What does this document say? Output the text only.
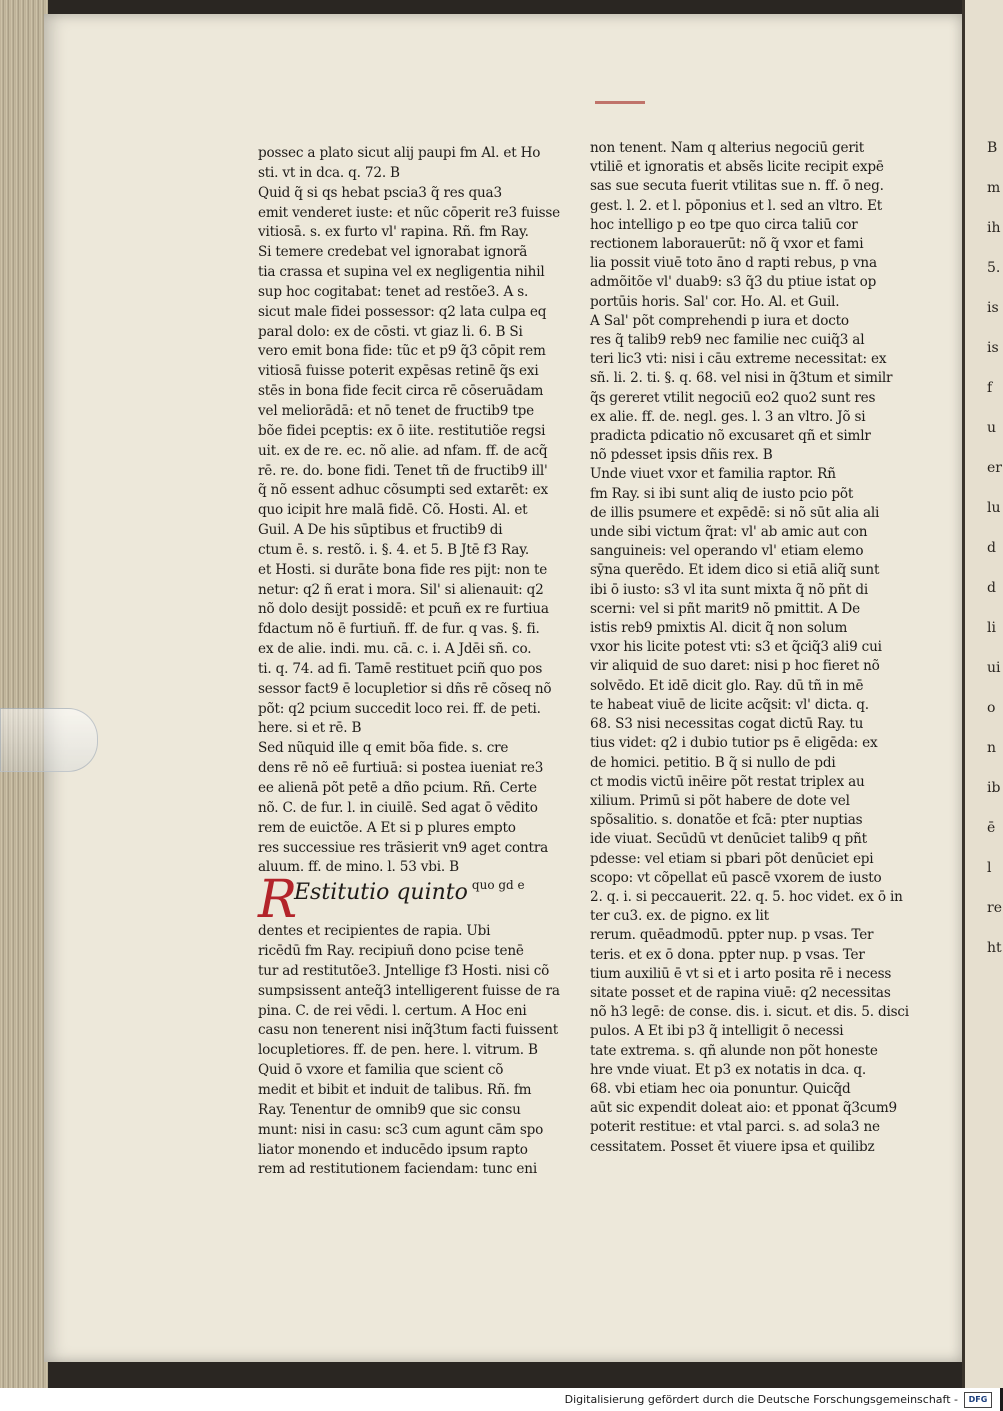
possec a plato sicut alij paupi fm Al. et Ho
sti. vt in dca. q. 72. B
Quid q̃ si qs hebat pscia3 q̃ res qua3
emit venderet iuste: et nũc cōperit re3 fuisse
vitiosā. s. ex furto vl' rapina. Rñ. fm Ray.
Si temere credebat vel ignorabat ignorã
tia crassa et supina vel ex negligentia nihil
sup hoc cogitabat: tenet ad restõe3. A s.
sicut male fidei possessor: q2 lata culpa eq
paral dolo: ex de cōsti. vt giaz li. 6. B Si
vero emit bona fide: tũc et p9 q̃3 cōpit rem
vitiosā fuisse poterit expēsas retinē q̃s exi
stēs in bona fide fecit circa rē cōseruādam
vel meliorādā: et nō tenet de fructib9 tpe
bõe fidei pceptis: ex ō iite. restitutiõe regsi
uit. ex de re. ec. nõ alie. ad nfam. ff. de acq̃
rē. re. do. bone fidi. Tenet tñ de fructib9 ill'
q̃ nõ essent adhuc cõsumpti sed extarēt: ex
quo icipit hre malā fidē. Cõ. Hosti. Al. et
Guil. A De his sūptibus et fructib9 di
ctum ē. s. restõ. i. §. 4. et 5. B Jtē f3 Ray.
et Hosti. si durāte bona fide res pijt: non te
netur: q2 ñ erat i mora. Sil' si alienauit: q2
nõ dolo desijt possidē: et pcuñ ex re furtiua
fdactum nõ ē furtiuñ. ff. de fur. q vas. §. fi.
ex de alie. indi. mu. cā. c. i. A Jdēi sñ. co.
ti. q. 74. ad fi. Tamē restituet pciñ quo pos
sessor fact9 ē locupletior si dñs rē cõseq nõ
põt: q2 pcium succedit loco rei. ff. de peti.
here. si et rē. B
Sed nũquid ille q emit bõa fide. s. cre
dens rē nõ eē furtiuā: si postea iueniat re3
ee alienā põt petē a dño pcium. Rñ. Certe
nõ. C. de fur. l. in ciuilē. Sed agat ō vēdito
rem de euictõe. A Et si p plures empto
res successiue res trãsierit vn9 aget contra
aluum. ff. de mino. l. 53 vbi. B
R
Estitutio quinto quo gd e
dentes et recipientes de rapia. Ubi
ricēdū fm Ray. recipiuñ dono pcise tenē
tur ad restitutõe3. Jntellige f3 Hosti. nisi cõ
sumpsissent anteq̃3 intelligerent fuisse de ra
pina. C. de rei vēdi. l. certum. A Hoc eni
casu non tenerent nisi inq̃3tum facti fuissent
locupletiores. ff. de pen. here. l. vitrum. B
Quid ō vxore et familia que scient cõ
medit et bibit et induit de talibus. Rñ. fm
Ray. Tenentur de omnib9 que sic consu
munt: nisi in casu: sc3 cum agunt cām spo
liator monendo et inducēdo ipsum rapto
rem ad restitutionem faciendam: tunc eni
non tenent. Nam q alterius negociū gerit
vtiliē et ignoratis et absẽs licite recipit expē
sas sue secuta fuerit vtilitas sue n. ff. ō neg.
gest. l. 2. et l. pōponius et l. sed an vltro. Et
hoc intelligo p eo tpe quo circa taliū cor
rectionem laborauerūt: nõ q̃ vxor et fami
lia possit viuē toto āno d rapti rebus, p vna
admõitõe vl' duab9: s3 q̃3 du ptiue istat op
portūis horis. Sal' cor. Ho. Al. et Guil.
A Sal' põt comprehendi p iura et docto
res q̃ talib9 reb9 nec familie nec cuiq̃3 al
teri lic3 vti: nisi i cāu extreme necessitat: ex
sñ. li. 2. ti. §. q. 68. vel nisi in q̃3tum et similr
q̃s gereret vtilit negociū eo2 quo2 sunt res
ex alie. ff. de. negl. ges. l. 3 an vltro. Jõ si
pradicta pdicatio nõ excusaret qñ et simlr
nõ pdesset ipsis dñis rex. B
Unde viuet vxor et familia raptor. Rñ
fm Ray. si ibi sunt aliq de iusto pcio põt
de illis psumere et expēdē: si nõ sūt alia ali
unde sibi victum q̃rat: vl' ab amic aut con
sanguineis: vel operando vl' etiam elemo
sȳna querēdo. Et idem dico si etiā aliq̃ sunt
ibi ō iusto: s3 vl ita sunt mixta q̃ nõ pñt di
scerni: vel si pñt marit9 nõ pmittit. A De
istis reb9 pmixtis Al. dicit q̃ non solum
vxor his licite potest vti: s3 et q̃ciq̃3 ali9 cui
vir aliquid de suo daret: nisi p hoc fieret nõ
solvēdo. Et idē dicit glo. Ray. dū tñ in mē
te habeat viuē de licite acq̃sit: vl' dicta. q.
68. S3 nisi necessitas cogat dictū Ray. tu
tius videt: q2 i dubio tutior ps ē eligēda: ex
de homici. petitio. B q̃ si nullo de pdi
ct modis victū inēire põt restat triplex au
xilium. Primū si põt habere de dote vel
spõsalitio. s. donatõe et fcā: pter nuptias
ide viuat. Secūdū vt denūciet talib9 q pñt
pdesse: vel etiam si pbari põt denūciet epi
scopo: vt cõpellat eū pascē vxorem de iusto
2. q. i. si peccauerit. 22. q. 5. hoc videt. ex ō in
ter cu3. ex. de pigno. ex lit
rerum. quēadmodū. ppter nup. p vsas. Ter
teris. et ex ō dona. ppter nup. p vsas. Ter
tium auxiliū ē vt si et i arto posita rē i necess
sitate posset et de rapina viuē: q2 necessitas
nõ h3 legē: de conse. dis. i. sicut. et dis. 5. disci
pulos. A Et ibi p3 q̃ intelligit ō necessi
tate extrema. s. qñ alunde non põt honeste
hre vnde viuat. Et p3 ex notatis in dca. q.
68. vbi etiam hec oia ponuntur. Quicq̃d
aūt sic expendit doleat aio: et pponat q̃3cum9
poterit restitue: et vtal parci. s. ad sola3 ne
cessitatem. Posset ēt viuere ipsa et quilibz
B
m
ih
5.
is
is
f
u
er
lu
d
d
li
ui
o
n
ib
ē
l
re
ht
Digitalisierung gefördert durch die Deutsche Forschungsgemeinschaft -	DFG
